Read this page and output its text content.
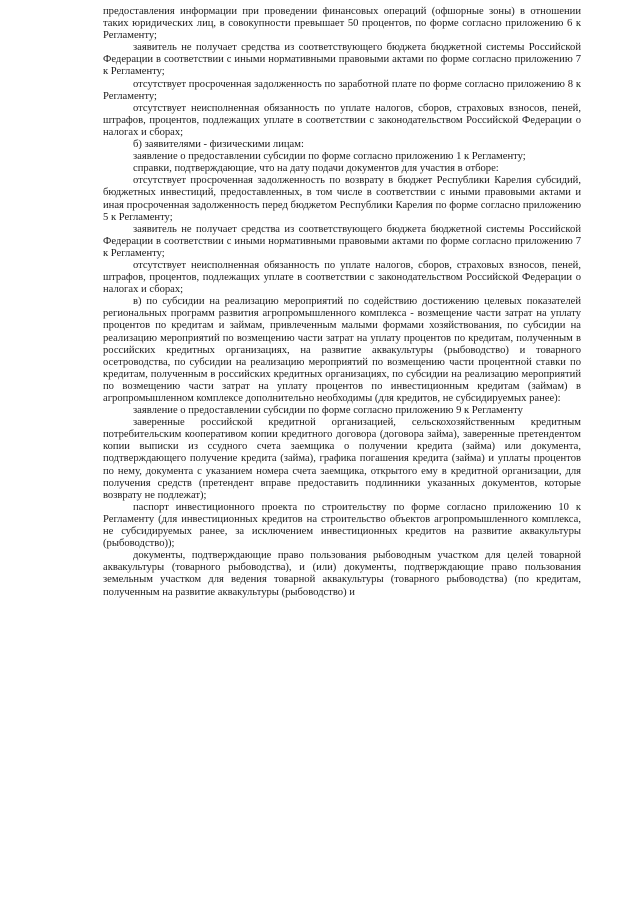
предоставления информации при проведении финансовых операций (офшорные зоны) в отношении таких юридических лиц, в совокупности превышает 50 процентов, по форме согласно приложению 6 к Регламенту;

заявитель не получает средства из соответствующего бюджета бюджетной системы Российской Федерации в соответствии с иными нормативными правовыми актами по форме согласно приложению 7 к Регламенту;

отсутствует просроченная задолженность по заработной плате по форме согласно приложению 8 к Регламенту;

отсутствует неисполненная обязанность по уплате налогов, сборов, страховых взносов, пеней, штрафов, процентов, подлежащих уплате в соответствии с законодательством Российской Федерации о налогах и сборах;

б) заявителями - физическими лицам:

заявление о предоставлении субсидии по форме согласно приложению 1 к Регламенту;

справки, подтверждающие, что на дату подачи документов для участия в отборе:

отсутствует просроченная задолженность по возврату в бюджет Республики Карелия субсидий, бюджетных инвестиций, предоставленных, в том числе в соответствии с иными правовыми актами и иная просроченная задолженность перед бюджетом Республики Карелия по форме согласно приложению 5 к Регламенту;

заявитель не получает средства из соответствующего бюджета бюджетной системы Российской Федерации в соответствии с иными нормативными правовыми актами по форме согласно приложению 7 к Регламенту;

отсутствует неисполненная обязанность по уплате налогов, сборов, страховых взносов, пеней, штрафов, процентов, подлежащих уплате в соответствии с законодательством Российской Федерации о налогах и сборах;

в) по субсидии на реализацию мероприятий по содействию достижению целевых показателей региональных программ развития агропромышленного комплекса - возмещение части затрат на уплату процентов по кредитам и займам, привлеченным малыми формами хозяйствования, по субсидии на реализацию мероприятий по возмещению части затрат на уплату процентов по кредитам, полученным в российских кредитных организациях, на развитие аквакультуры (рыбоводство) и товарного осетроводства, по субсидии на реализацию мероприятий по возмещению части процентной ставки по кредитам, полученным в российских кредитных организациях, по субсидии на реализацию мероприятий по возмещению части затрат на уплату процентов по инвестиционным кредитам (займам) в агропромышленном комплексе дополнительно необходимы (для кредитов, не субсидируемых ранее):

заявление о предоставлении субсидии по форме согласно приложению 9 к Регламенту

заверенные российской кредитной организацией, сельскохозяйственным кредитным потребительским кооперативом копии кредитного договора (договора займа), заверенные претендентом копии выписки из ссудного счета заемщика о получении кредита (займа) или документа, подтверждающего получение кредита (займа), графика погашения кредита (займа) и уплаты процентов по нему, документа с указанием номера счета заемщика, открытого ему в кредитной организации, для получения средств (претендент вправе предоставить подлинники указанных документов, которые возврату не подлежат);

паспорт инвестиционного проекта по строительству по форме согласно приложению 10 к Регламенту (для инвестиционных кредитов на строительство объектов агропромышленного комплекса, не субсидируемых ранее, за исключением инвестиционных кредитов на развитие аквакультуры (рыбоводство));

документы, подтверждающие право пользования рыбоводным участком для целей товарной аквакультуры (товарного рыбоводства), и (или) документы, подтверждающие право пользования земельным участком для ведения товарной аквакультуры (товарного рыбоводства) (по кредитам, полученным на развитие аквакультуры (рыбоводство) и
